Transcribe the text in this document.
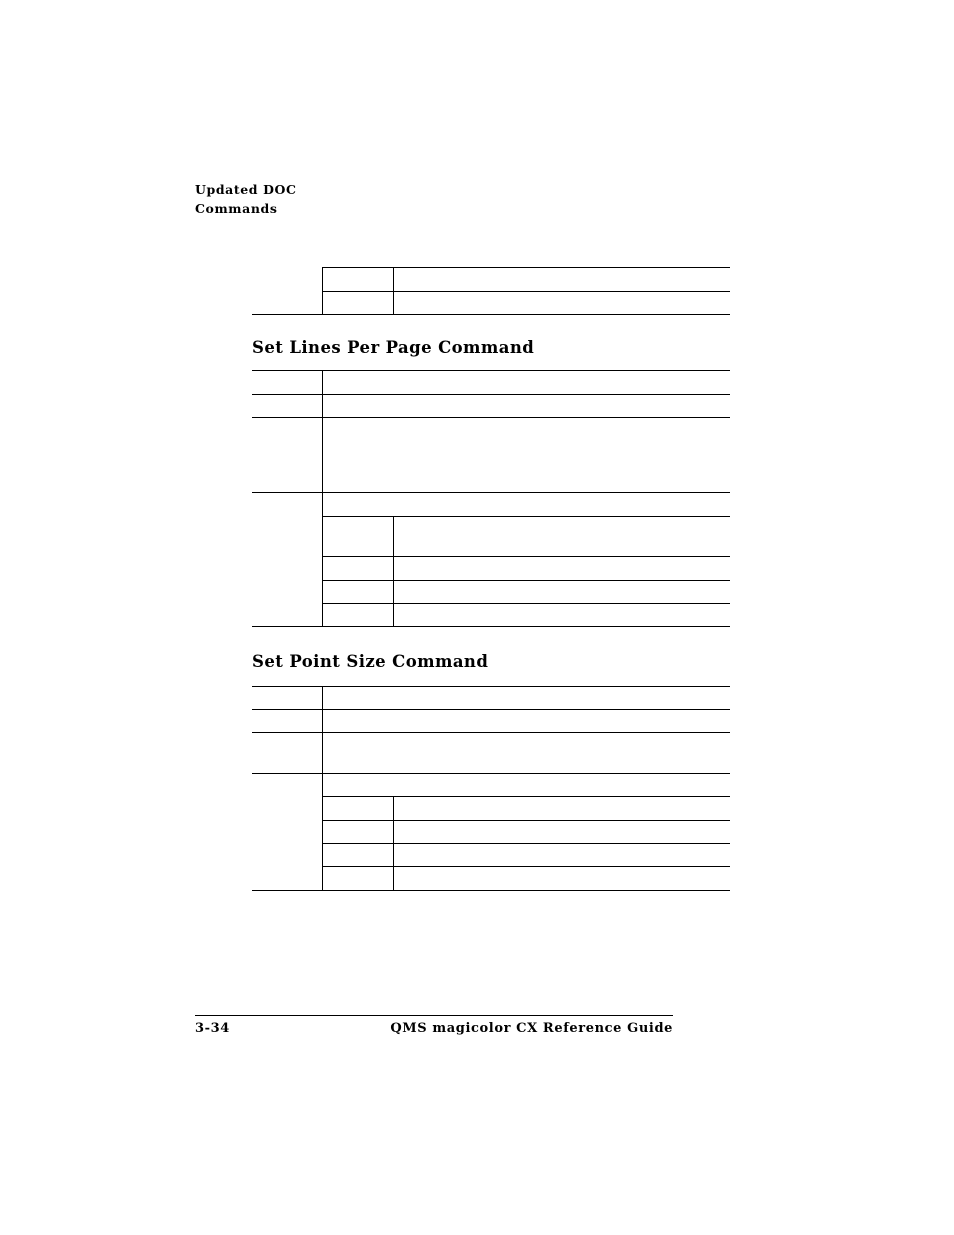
Updated DOC
Commands
Set Lines Per Page Command
Set Point Size Command
3-34	QMS magicolor CX Reference Guide
